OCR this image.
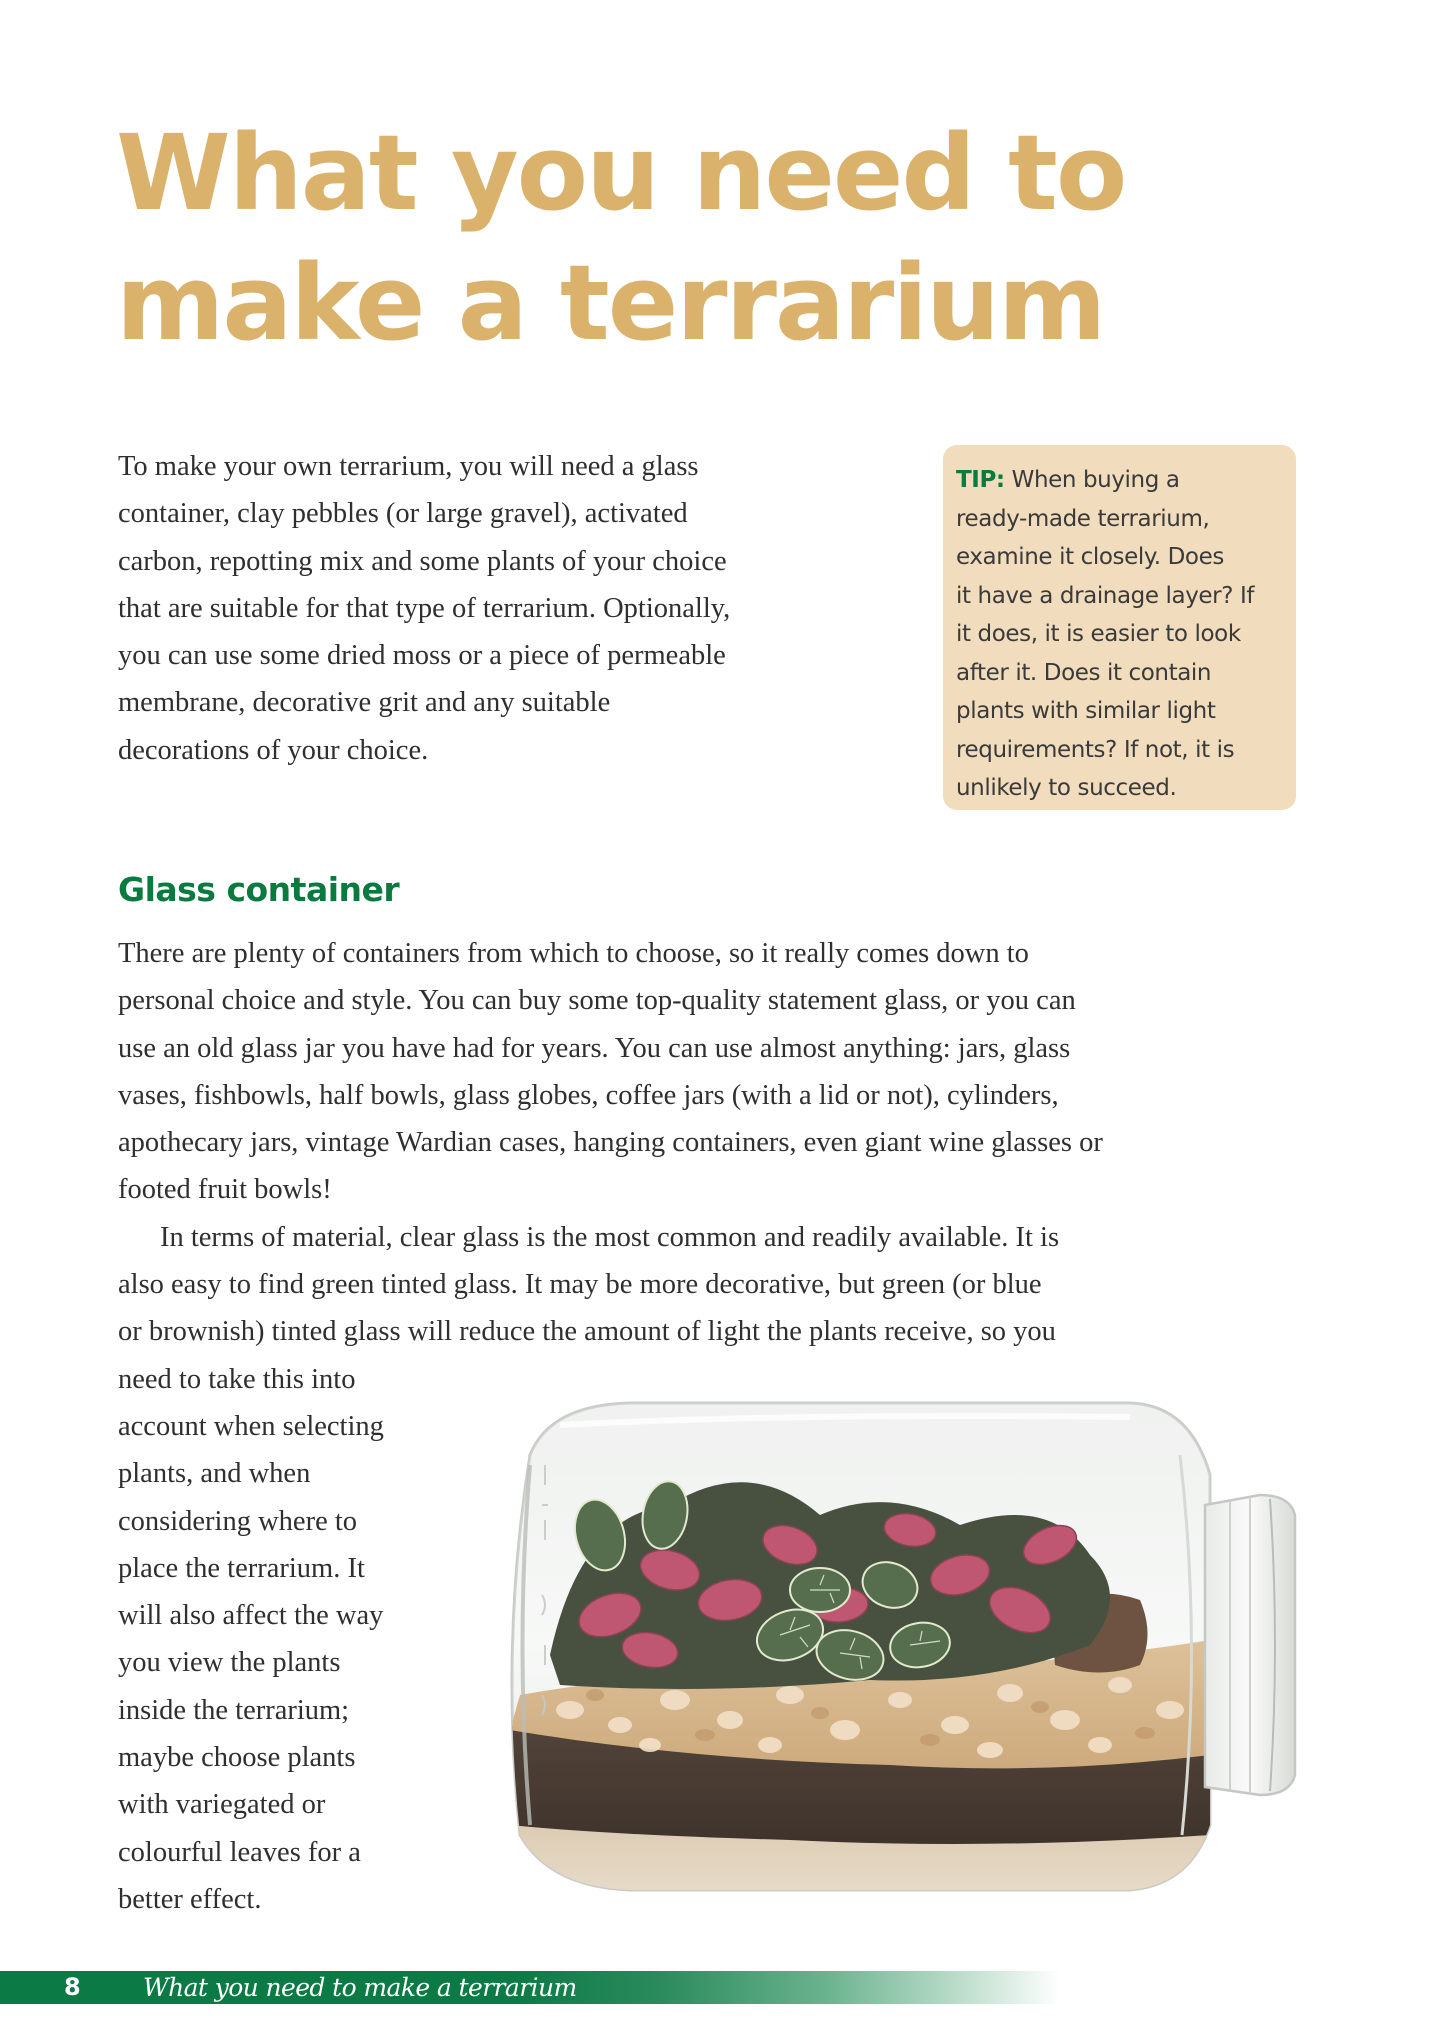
What you need to
make a terrarium

To make your own terrarium, you will need a glass
container, clay pebbles (or large gravel), activated
carbon, repotting mix and some plants of your choice
that are suitable for that type of terrarium. Optionally,
you can use some dried moss or a piece of permeable
membrane, decorative grit and any suitable
decorations of your choice.

TIP: When buying a
ready-made terrarium,
examine it closely. Does
it have a drainage layer? If
it does, it is easier to look
after it. Does it contain
plants with similar light
requirements? If not, it is
unlikely to succeed.
Glass container
There are plenty of containers from which to choose, so it really comes down to
personal choice and style. You can buy some top-quality statement glass, or you can
use an old glass jar you have had for years. You can use almost anything: jars, glass
vases, fishbowls, half bowls, glass globes, coffee jars (with a lid or not), cylinders,
apothecary jars, vintage Wardian cases, hanging containers, even giant wine glasses or
footed fruit bowls!
In terms of material, clear glass is the most common and readily available. It is
also easy to find green tinted glass. It may be more decorative, but green (or blue
or brownish) tinted glass will reduce the amount of light the plants receive, so you
need to take this into
account when selecting
plants, and when
considering where to
place the terrarium. It
will also affect the way
you view the plants
inside the terrarium;
maybe choose plants
with variegated or
colourful leaves for a
better effect.
8 What you need to make a terrarium
